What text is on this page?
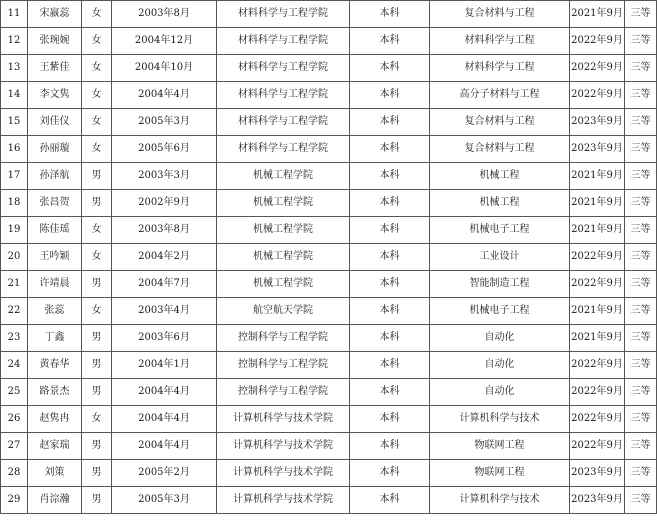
11	宋嬴蕊	女	2003年8月	材料科学与工程学院	本科	复合材料与工程	2021年9月	三等
12	张琬婉	女	2004年12月	材料科学与工程学院	本科	材料科学与工程	2022年9月	三等
13	王紫佳	女	2004年10月	材料科学与工程学院	本科	材料科学与工程	2022年9月	三等
14	李文隽	女	2004年4月	材料科学与工程学院	本科	高分子材料与工程	2022年9月	三等
15	刘佳仪	女	2005年3月	材料科学与工程学院	本科	复合材料与工程	2023年9月	三等
16	孙丽璇	女	2005年6月	材料科学与工程学院	本科	复合材料与工程	2023年9月	三等
17	孙泽航	男	2003年3月	机械工程学院	本科	机械工程	2021年9月	三等
18	张昌贺	男	2002年9月	机械工程学院	本科	机械工程	2021年9月	三等
19	陈佳瑶	女	2003年8月	机械工程学院	本科	机械电子工程	2021年9月	三等
20	王吟颖	女	2004年2月	机械工程学院	本科	工业设计	2022年9月	三等
21	许靖晨	男	2004年7月	机械工程学院	本科	智能制造工程	2022年9月	三等
22	张蕊	女	2003年4月	航空航天学院	本科	机械电子工程	2021年9月	三等
23	丁鑫	男	2003年6月	控制科学与工程学院	本科	自动化	2021年9月	三等
24	黄春华	男	2004年1月	控制科学与工程学院	本科	自动化	2022年9月	三等
25	路景杰	男	2004年4月	控制科学与工程学院	本科	自动化	2022年9月	三等
26	赵隽冉	女	2004年4月	计算机科学与技术学院	本科	计算机科学与技术	2022年9月	三等
27	赵家瑞	男	2004年4月	计算机科学与技术学院	本科	物联网工程	2022年9月	三等
28	刘策	男	2005年2月	计算机科学与技术学院	本科	物联网工程	2023年9月	三等
29	肖淙瀚	男	2005年3月	计算机科学与技术学院	本科	计算机科学与技术	2023年9月	三等
